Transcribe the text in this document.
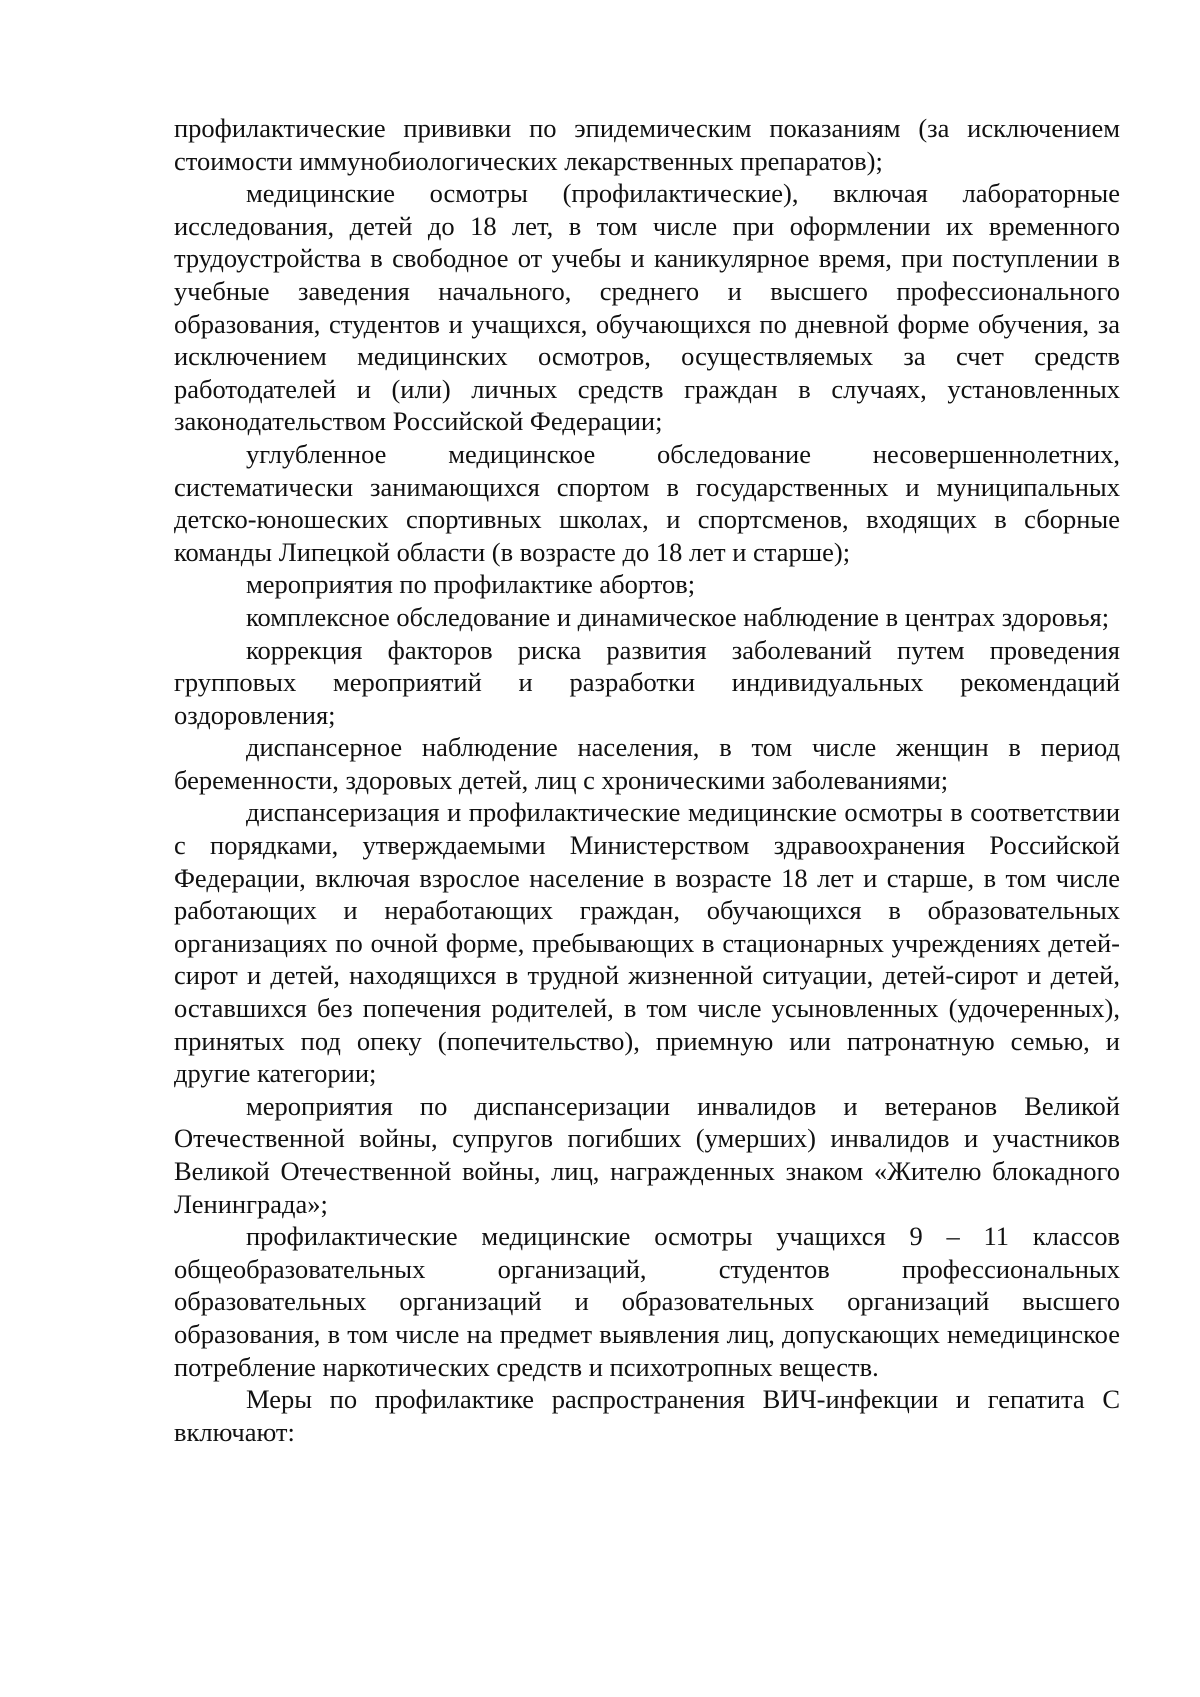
профилактические прививки по эпидемическим показаниям (за исключением стоимости иммунобиологических лекарственных препаратов);

медицинские осмотры (профилактические), включая лабораторные исследования, детей до 18 лет, в том числе при оформлении их временного трудоустройства в свободное от учебы и каникулярное время, при поступлении в учебные заведения начального, среднего и высшего профессионального образования, студентов и учащихся, обучающихся по дневной форме обучения, за исключением медицинских осмотров, осуществляемых за счет средств работодателей и (или) личных средств граждан в случаях, установленных законодательством Российской Федерации;

углубленное медицинское обследование несовершеннолетних, систематически занимающихся спортом в государственных и муниципальных детско-юношеских спортивных школах, и спортсменов, входящих в сборные команды Липецкой области (в возрасте до 18 лет и старше);

мероприятия по профилактике абортов;

комплексное обследование и динамическое наблюдение в центрах здоровья;

коррекция факторов риска развития заболеваний путем проведения групповых мероприятий и разработки индивидуальных рекомендаций оздоровления;

диспансерное наблюдение населения, в том числе женщин в период беременности, здоровых детей, лиц с хроническими заболеваниями;

диспансеризация и профилактические медицинские осмотры в соответствии с порядками, утверждаемыми Министерством здравоохранения Российской Федерации, включая взрослое население в возрасте 18 лет и старше, в том числе работающих и неработающих граждан, обучающихся в образовательных организациях по очной форме, пребывающих в стационарных учреждениях детей-сирот и детей, находящихся в трудной жизненной ситуации, детей-сирот и детей, оставшихся без попечения родителей, в том числе усыновленных (удочеренных), принятых под опеку (попечительство), приемную или патронатную семью, и другие категории;

мероприятия по диспансеризации инвалидов и ветеранов Великой Отечественной войны, супругов погибших (умерших) инвалидов и участников Великой Отечественной войны, лиц, награжденных знаком «Жителю блокадного Ленинграда»;

профилактические медицинские осмотры учащихся 9 – 11 классов общеобразовательных организаций, студентов профессиональных образовательных организаций и образовательных организаций высшего образования, в том числе на предмет выявления лиц, допускающих немедицинское потребление наркотических средств и психотропных веществ.

Меры по профилактике распространения ВИЧ-инфекции и гепатита С включают:
